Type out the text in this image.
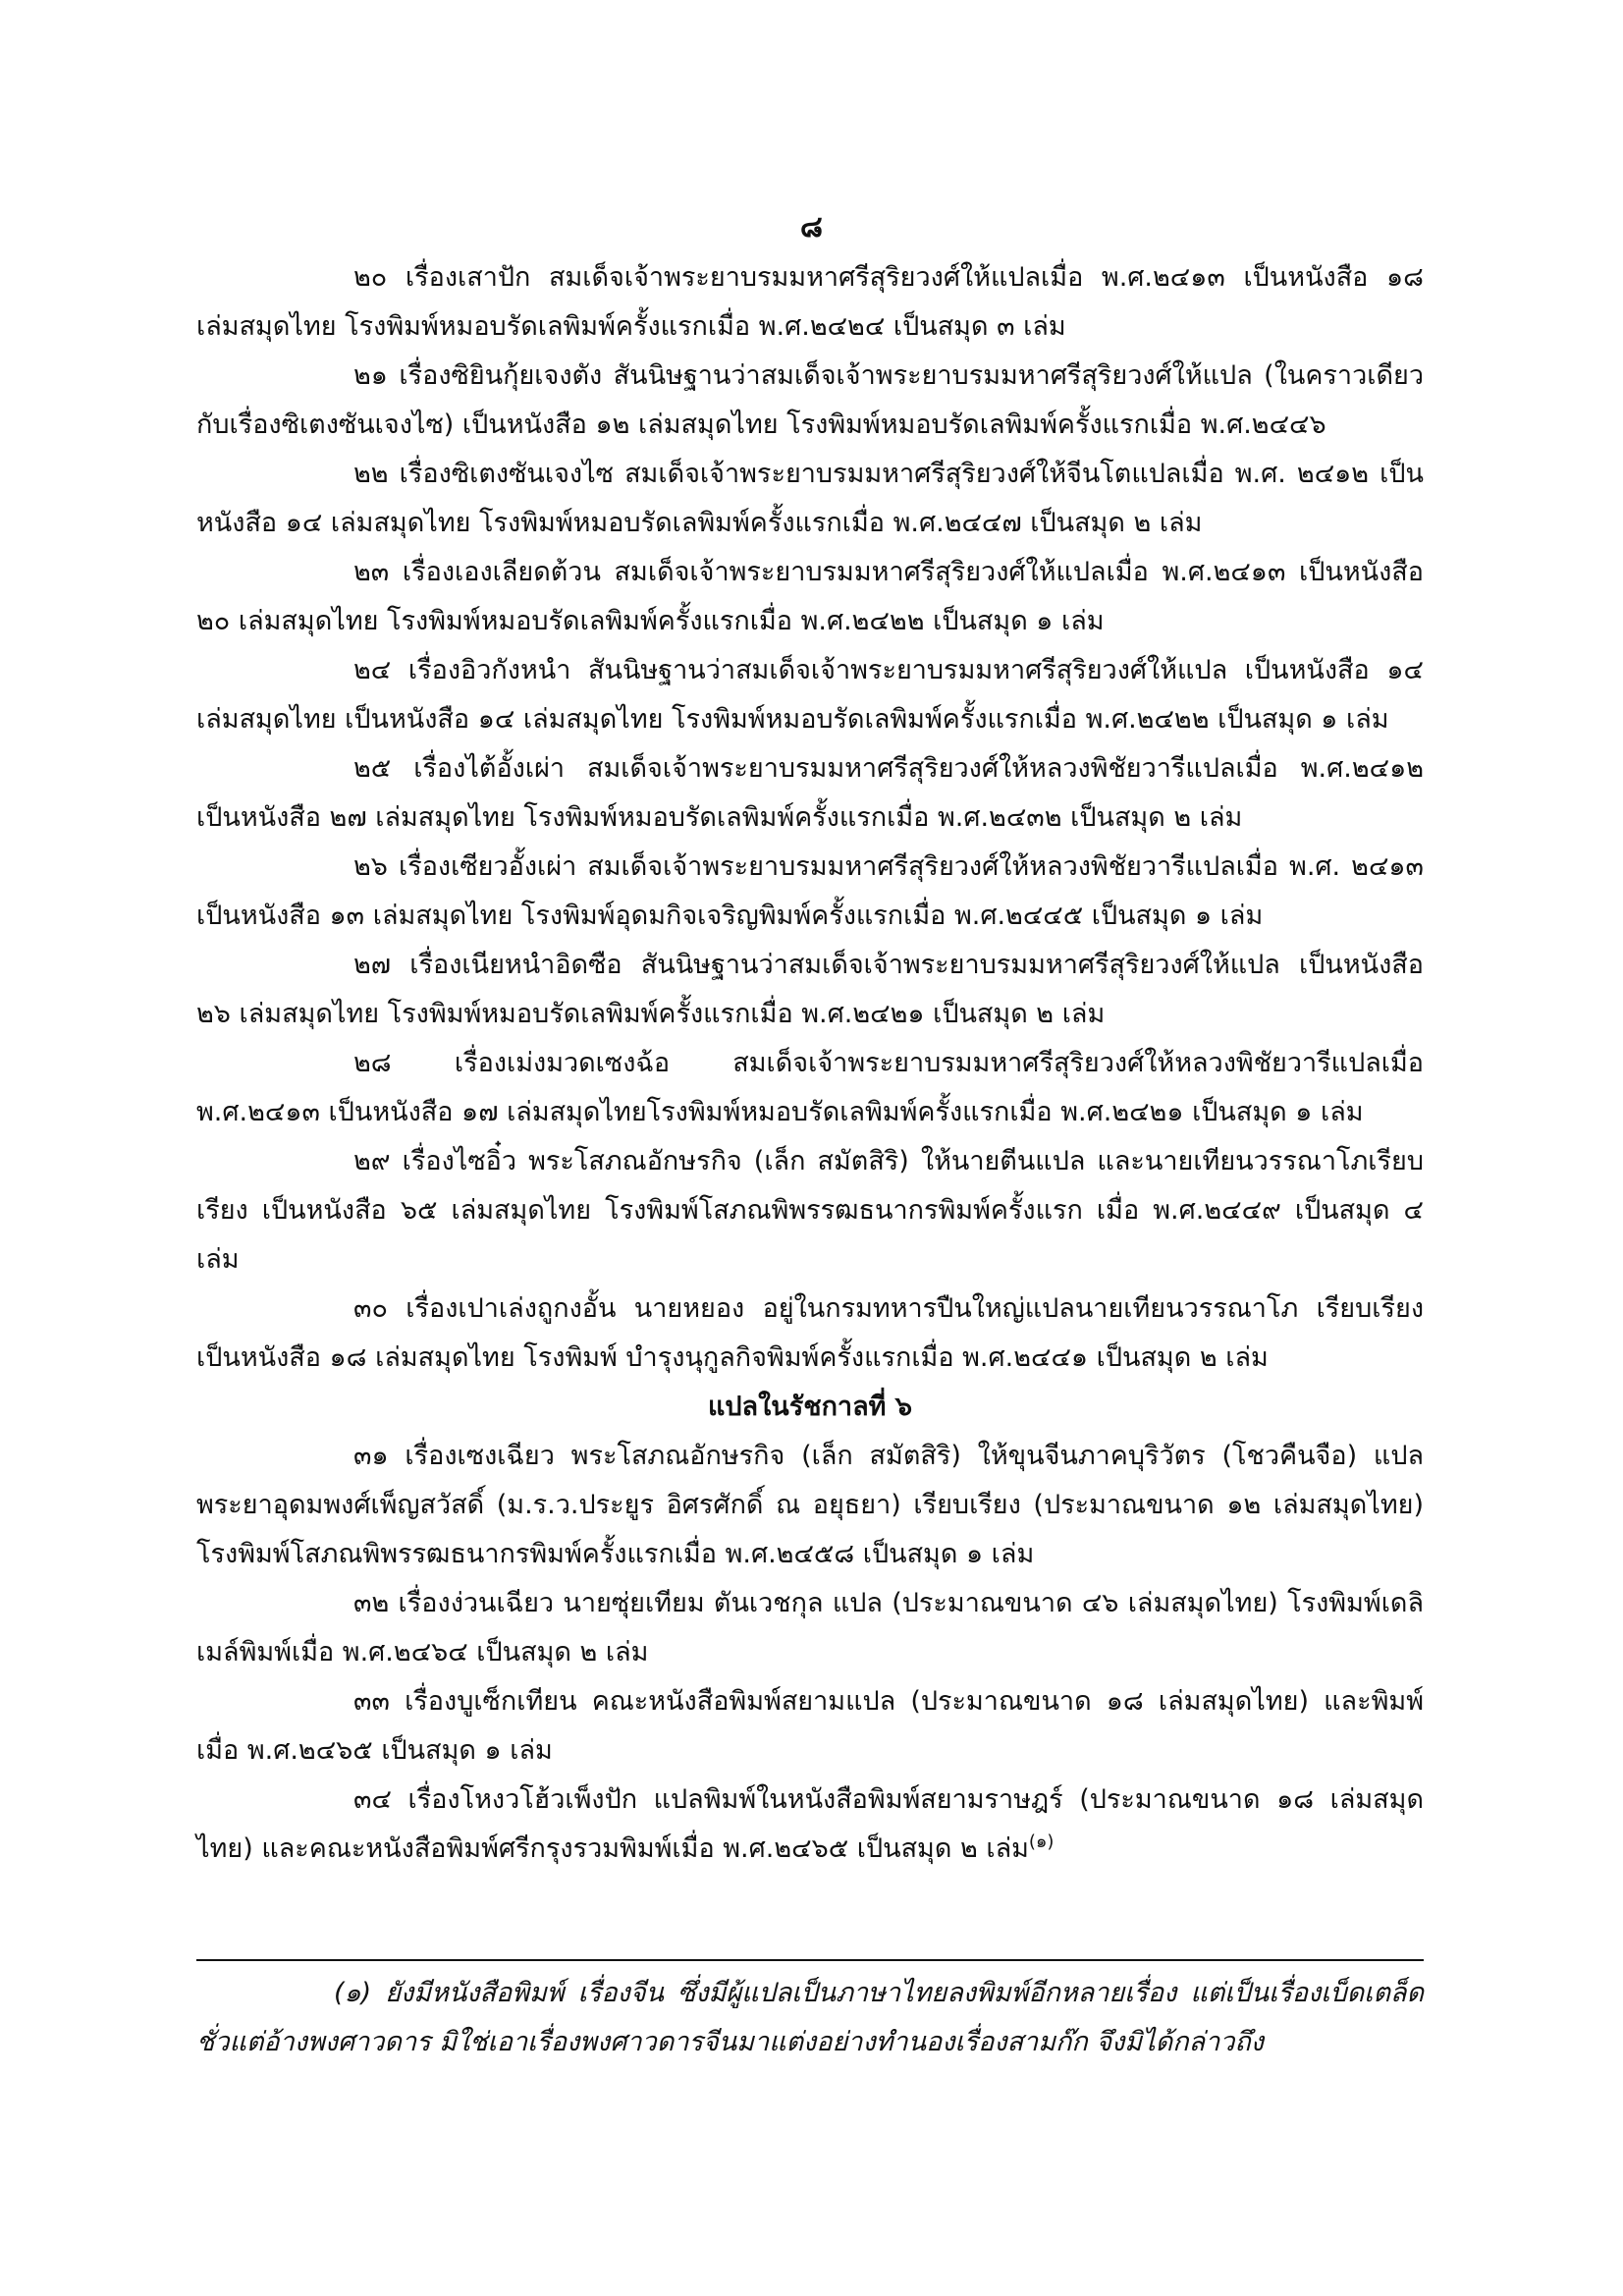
๘

๒๐ เรื่องเสาปัก สมเด็จเจ้าพระยาบรมมหาศรีสุริยวงศ์ให้แปลเมื่อ พ.ศ.๒๔๑๓ เป็นหนังสือ ๑๘ เล่มสมุดไทย โรงพิมพ์หมอบรัดเลพิมพ์ครั้งแรกเมื่อ พ.ศ.๒๔๒๔ เป็นสมุด ๓ เล่ม

๒๑ เรื่องซิยินกุ้ยเจงตัง สันนิษฐานว่าสมเด็จเจ้าพระยาบรมมหาศรีสุริยวงศ์ให้แปล (ในคราวเดียวกับเรื่องซิเตงซันเจงไซ) เป็นหนังสือ ๑๒ เล่มสมุดไทย โรงพิมพ์หมอบรัดเลพิมพ์ครั้งแรกเมื่อ พ.ศ.๒๔๔๖

๒๒ เรื่องซิเตงซันเจงไซ สมเด็จเจ้าพระยาบรมมหาศรีสุริยวงศ์ให้จีนโตแปลเมื่อ พ.ศ. ๒๔๑๒ เป็นหนังสือ ๑๔ เล่มสมุดไทย โรงพิมพ์หมอบรัดเลพิมพ์ครั้งแรกเมื่อ พ.ศ.๒๔๔๗ เป็นสมุด ๒ เล่ม

๒๓ เรื่องเองเลียดต้วน สมเด็จเจ้าพระยาบรมมหาศรีสุริยวงศ์ให้แปลเมื่อ พ.ศ.๒๔๑๓ เป็นหนังสือ ๒๐ เล่มสมุดไทย โรงพิมพ์หมอบรัดเลพิมพ์ครั้งแรกเมื่อ พ.ศ.๒๔๒๒ เป็นสมุด ๑ เล่ม

๒๔ เรื่องอิวกังหนำ สันนิษฐานว่าสมเด็จเจ้าพระยาบรมมหาศรีสุริยวงศ์ให้แปล เป็นหนังสือ ๑๔ เล่มสมุดไทย เป็นหนังสือ ๑๔ เล่มสมุดไทย โรงพิมพ์หมอบรัดเลพิมพ์ครั้งแรกเมื่อ พ.ศ.๒๔๒๒ เป็นสมุด ๑ เล่ม

๒๕ เรื่องไต้อั้งเผ่า สมเด็จเจ้าพระยาบรมมหาศรีสุริยวงศ์ให้หลวงพิชัยวารีแปลเมื่อ พ.ศ.๒๔๑๒ เป็นหนังสือ ๒๗ เล่มสมุดไทย โรงพิมพ์หมอบรัดเลพิมพ์ครั้งแรกเมื่อ พ.ศ.๒๔๓๒ เป็นสมุด ๒ เล่ม

๒๖ เรื่องเซียวอั้งเผ่า สมเด็จเจ้าพระยาบรมมหาศรีสุริยวงศ์ให้หลวงพิชัยวารีแปลเมื่อ พ.ศ. ๒๔๑๓ เป็นหนังสือ ๑๓ เล่มสมุดไทย โรงพิมพ์อุดมกิจเจริญพิมพ์ครั้งแรกเมื่อ พ.ศ.๒๔๔๕ เป็นสมุด ๑ เล่ม

๒๗ เรื่องเนียหนำอิดซือ สันนิษฐานว่าสมเด็จเจ้าพระยาบรมมหาศรีสุริยวงศ์ให้แปล เป็นหนังสือ ๒๖ เล่มสมุดไทย โรงพิมพ์หมอบรัดเลพิมพ์ครั้งแรกเมื่อ พ.ศ.๒๔๒๑ เป็นสมุด ๒ เล่ม

๒๘ เรื่องเม่งมวดเซงฉ้อ สมเด็จเจ้าพระยาบรมมหาศรีสุริยวงศ์ให้หลวงพิชัยวารีแปลเมื่อ พ.ศ.๒๔๑๓ เป็นหนังสือ ๑๗ เล่มสมุดไทยโรงพิมพ์หมอบรัดเลพิมพ์ครั้งแรกเมื่อ พ.ศ.๒๔๒๑ เป็นสมุด ๑ เล่ม

๒๙ เรื่องไซอิ๋ว พระโสภณอักษรกิจ (เล็ก สมัตสิริ) ให้นายตีนแปล และนายเทียนวรรณาโภเรียบเรียง เป็นหนังสือ ๖๕ เล่มสมุดไทย โรงพิมพ์โสภณพิพรรฒธนากรพิมพ์ครั้งแรก เมื่อ พ.ศ.๒๔๔๙ เป็นสมุด ๔ เล่ม

๓๐ เรื่องเปาเล่งถูกงอั้น นายหยอง อยู่ในกรมทหารปืนใหญ่แปลนายเทียนวรรณาโภ เรียบเรียง เป็นหนังสือ ๑๘ เล่มสมุดไทย โรงพิมพ์ บำรุงนุกูลกิจพิมพ์ครั้งแรกเมื่อ พ.ศ.๒๔๔๑ เป็นสมุด ๒ เล่ม

แปลในรัชกาลที่ ๖

๓๑ เรื่องเซงเฉียว พระโสภณอักษรกิจ (เล็ก สมัตสิริ) ให้ขุนจีนภาคบุริวัตร (โชวคืนจือ) แปล พระยาอุดมพงศ์เพ็ญสวัสดิ์ (ม.ร.ว.ประยูร อิศรศักดิ์ ณ อยุธยา) เรียบเรียง (ประมาณขนาด ๑๒ เล่มสมุดไทย) โรงพิมพ์โสภณพิพรรฒธนากรพิมพ์ครั้งแรกเมื่อ พ.ศ.๒๔๕๘ เป็นสมุด ๑ เล่ม

๓๒ เรื่องง่วนเฉียว นายซุ่ยเทียม ตันเวชกุล แปล (ประมาณขนาด ๔๖ เล่มสมุดไทย) โรงพิมพ์เดลิเมล์พิมพ์เมื่อ พ.ศ.๒๔๖๔ เป็นสมุด ๒ เล่ม

๓๓ เรื่องบูเซ็กเทียน คณะหนังสือพิมพ์สยามแปล (ประมาณขนาด ๑๘ เล่มสมุดไทย) และพิมพ์เมื่อ พ.ศ.๒๔๖๕ เป็นสมุด ๑ เล่ม

๓๔ เรื่องโหงวโฮ้วเพ็งปัก แปลพิมพ์ในหนังสือพิมพ์สยามราษฎร์ (ประมาณขนาด ๑๘ เล่มสมุดไทย) และคณะหนังสือพิมพ์ศรีกรุงรวมพิมพ์เมื่อ พ.ศ.๒๔๖๕ เป็นสมุด ๒ เล่ม$^{(๑)}$

(๑) ยังมีหนังสือพิมพ์ เรื่องจีน ซึ่งมีผู้แปลเป็นภาษาไทยลงพิมพ์อีกหลายเรื่อง แต่เป็นเรื่องเบ็ดเตล็ดชั่วแต่อ้างพงศาวดาร มิใช่เอาเรื่องพงศาวดารจีนมาแต่งอย่างทำนองเรื่องสามก๊ก จึงมิได้กล่าวถึง
